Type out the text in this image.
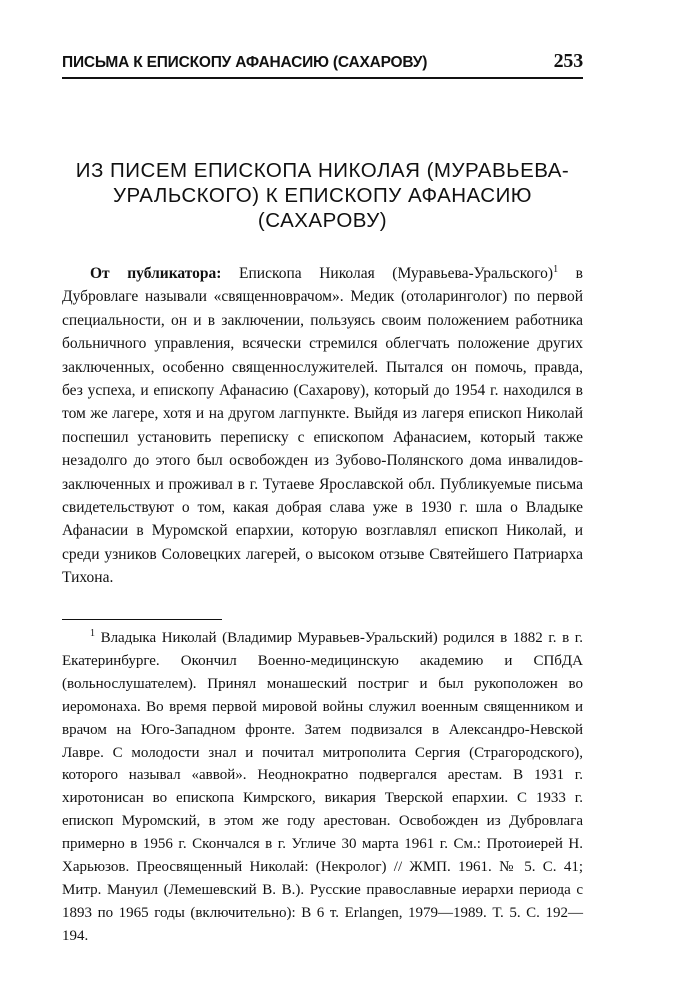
ПИСЬМА К ЕПИСКОПУ АФАНАСИЮ (САХАРОВУ)	253
ИЗ ПИСЕМ ЕПИСКОПА НИКОЛАЯ (МУРАВЬЕВА-
УРАЛЬСКОГО) К ЕПИСКОПУ АФАНАСИЮ
(САХАРОВУ)

От публикатора: Епископа Николая (Муравьева-Уральского)$^1$ в Дубровлаге называли «священноврачом». Медик (отоларинголог) по первой специальности, он и в заключении, пользуясь своим положением работника больничного управления, всячески стремился облегчать положение других заключенных, особенно священнослужителей. Пытался он помочь, правда, без успеха, и епископу Афанасию (Сахарову), который до 1954 г. находился в том же лагере, хотя и на другом лагпункте. Выйдя из лагеря епископ Николай поспешил установить переписку с епископом Афанасием, который также незадолго до этого был освобожден из Зубово-Полянского дома инвалидов-заключенных и проживал в г. Тутаеве Ярославской обл. Публикуемые письма свидетельствуют о том, какая добрая слава уже в 1930 г. шла о Владыке Афанасии в Муромской епархии, которую возглавлял епископ Николай, и среди узников Соловецких лагерей, о высоком отзыве Святейшего Патриарха Тихона.

$^1$ Владыка Николай (Владимир Муравьев-Уральский) родился в 1882 г. в г. Екатеринбурге. Окончил Военно-медицинскую академию и СПбДА (вольнослушателем). Принял монашеский постриг и был рукоположен во иеромонаха. Во время первой мировой войны служил военным священником и врачом на Юго-Западном фронте. Затем подвизался в Александро-Невской Лавре. С молодости знал и почитал митрополита Сергия (Страгородского), которого называл «аввой». Неоднократно подвергался арестам. В 1931 г. хиротонисан во епископа Кимрского, викария Тверской епархии. С 1933 г. епископ Муромский, в этом же году арестован. Освобожден из Дубровлага примерно в 1956 г. Скончался в г. Угличе 30 марта 1961 г. См.: Протоиерей Н. Харьюзов. Преосвященный Николай: (Некролог) // ЖМП. 1961. № 5. С. 41; Митр. Мануил (Лемешевский В. В.). Русские православные иерархи периода с 1893 по 1965 годы (включительно): В 6 т. Erlangen, 1979—1989. Т. 5. С. 192—194.
